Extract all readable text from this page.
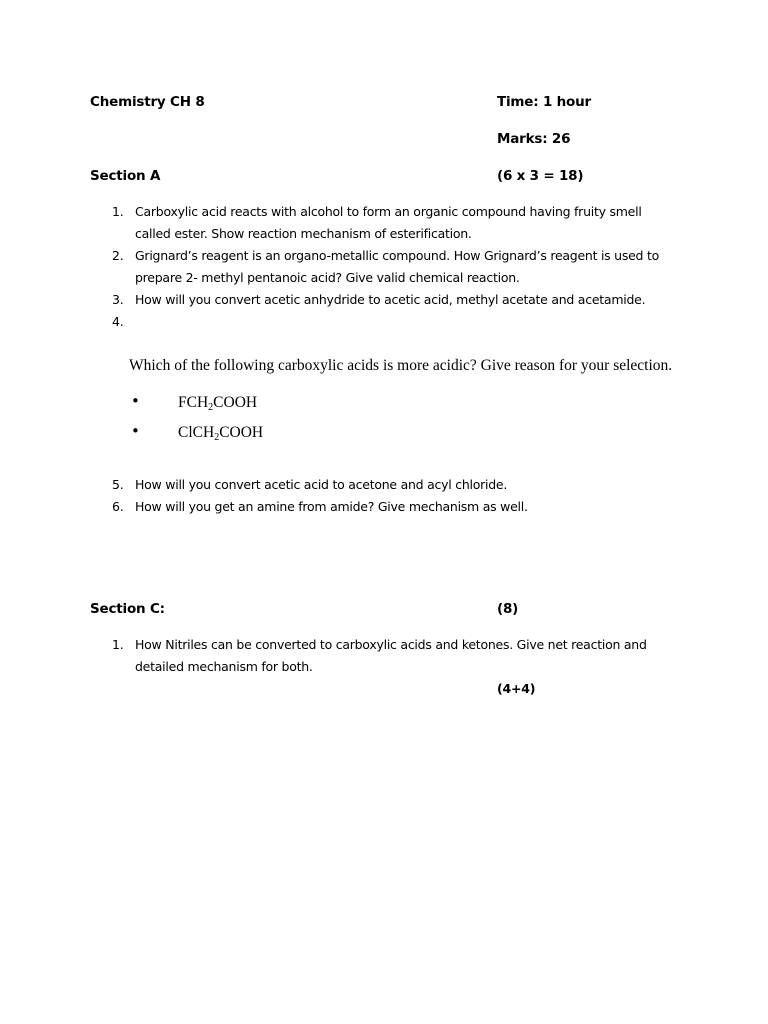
Chemistry CH 8	Time: 1 hour
Marks: 26
Section A	(6 x 3 = 18)
1. Carboxylic acid reacts with alcohol to form an organic compound having fruity smell
called ester. Show reaction mechanism of esterification.
2. Grignard’s reagent is an organo-metallic compound. How Grignard’s reagent is used to
prepare 2- methyl pentanoic acid? Give valid chemical reaction.
3. How will you convert acetic anhydride to acetic acid, methyl acetate and acetamide.
4.
Which of the following carboxylic acids is more acidic? Give reason for your selection.
• $FCH_2COOH$
• ClCH$_2$COOH
5. How will you convert acetic acid to acetone and acyl chloride.
6. How will you get an amine from amide? Give mechanism as well.
Section C:	(8)
1. How Nitriles can be converted to carboxylic acids and ketones. Give net reaction and
detailed mechanism for both.
(4+4)
